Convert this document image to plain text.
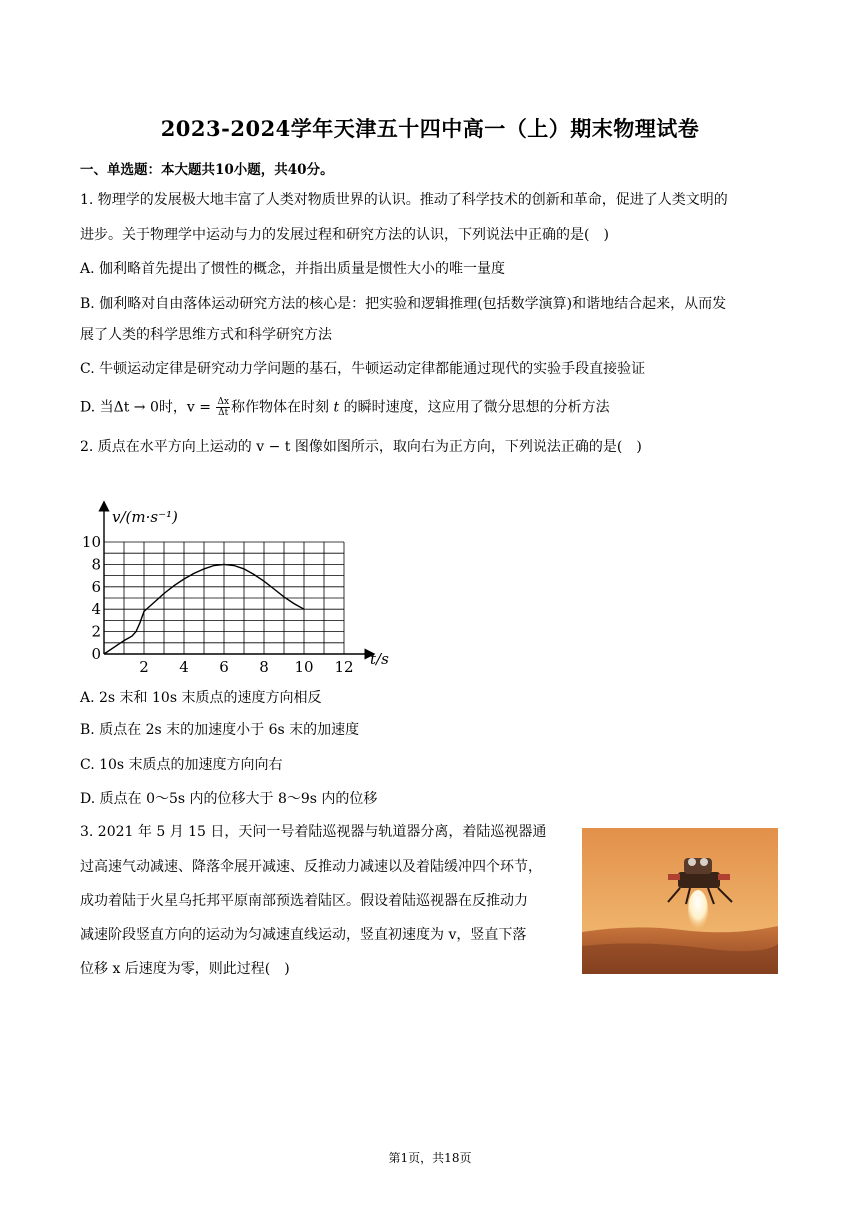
2023-2024学年天津五十四中高一（上）期末物理试卷
一、单选题：本大题共10小题，共40分。
1. 物理学的发展极大地丰富了人类对物质世界的认识。推动了科学技术的创新和革命，促进了人类文明的
进步。关于物理学中运动与力的发展过程和研究方法的认识，下列说法中正确的是(　)
A. 伽利略首先提出了惯性的概念，并指出质量是惯性大小的唯一量度
B. 伽利略对自由落体运动研究方法的核心是：把实验和逻辑推理(包括数学演算)和谐地结合起来，从而发
展了人类的科学思维方式和科学研究方法
C. 牛顿运动定律是研究动力学问题的基石，牛顿运动定律都能通过现代的实验手段直接验证
D. 当Δt → 0时，$v = \frac{\Delta x}{\Delta t}$ 称作物体在时刻 t 的瞬时速度，这应用了微分思想的分析方法
2. 质点在水平方向上运动的 v − t 图像如图所示，取向右为正方向，下列说法正确的是(　)
0
2
4
6
8
10
2 4 6 8 10 12
v/(m·s⁻¹)
t/s
A. 2s 末和 10s 末质点的速度方向相反
B. 质点在 2s 末的加速度小于 6s 末的加速度
C. 10s 末质点的加速度方向向右
D. 质点在 0～5s 内的位移大于 8～9s 内的位移
3. 2021 年 5 月 15 日，天问一号着陆巡视器与轨道器分离，着陆巡视器通
过高速气动减速、降落伞展开减速、反推动力减速以及着陆缓冲四个环节，
成功着陆于火星乌托邦平原南部预选着陆区。假设着陆巡视器在反推动力
减速阶段竖直方向的运动为匀减速直线运动，竖直初速度为 v，竖直下落
位移 x 后速度为零，则此过程(　)
第1页，共18页
